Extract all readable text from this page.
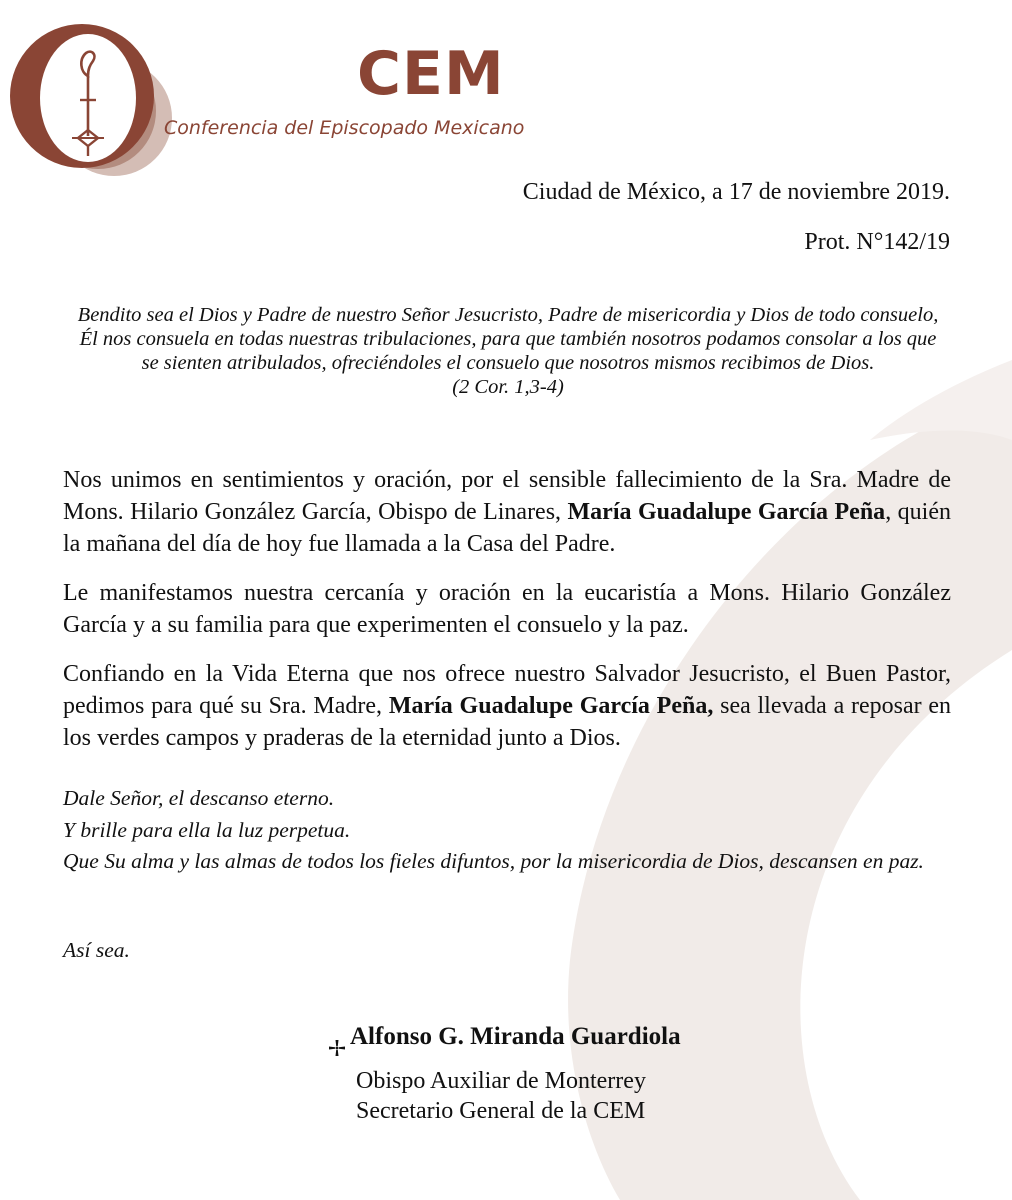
CEM
Conferencia del Episcopado Mexicano
Ciudad de México, a 17 de noviembre 2019.
Prot. N°142/19
Bendito sea el Dios y Padre de nuestro Señor Jesucristo, Padre de misericordia y Dios de todo consuelo,
Él nos consuela en todas nuestras tribulaciones, para que también nosotros podamos consolar a los que
se sienten atribulados, ofreciéndoles el consuelo que nosotros mismos recibimos de Dios.
(2 Cor. 1,3-4)

Nos unimos en sentimientos y oración, por el sensible fallecimiento de la Sra. Madre de Mons. Hilario González García, Obispo de Linares, María Guadalupe García Peña, quién la mañana del día de hoy fue llamada a la Casa del Padre.

Le manifestamos nuestra cercanía y oración en la eucaristía a Mons. Hilario González García y a su familia para que experimenten el consuelo y la paz.

Confiando en la Vida Eterna que nos ofrece nuestro Salvador Jesucristo, el Buen Pastor, pedimos para qué su Sra. Madre, María Guadalupe García Peña, sea llevada a reposar en los verdes campos y praderas de la eternidad junto a Dios.

Dale Señor, el descanso eterno.
Y brille para ella la luz perpetua.
Que Su alma y las almas de todos los fieles difuntos, por la misericordia de Dios, descansen en paz.
Así sea.
Alfonso G. Miranda Guardiola
Obispo Auxiliar de Monterrey
Secretario General de la CEM
